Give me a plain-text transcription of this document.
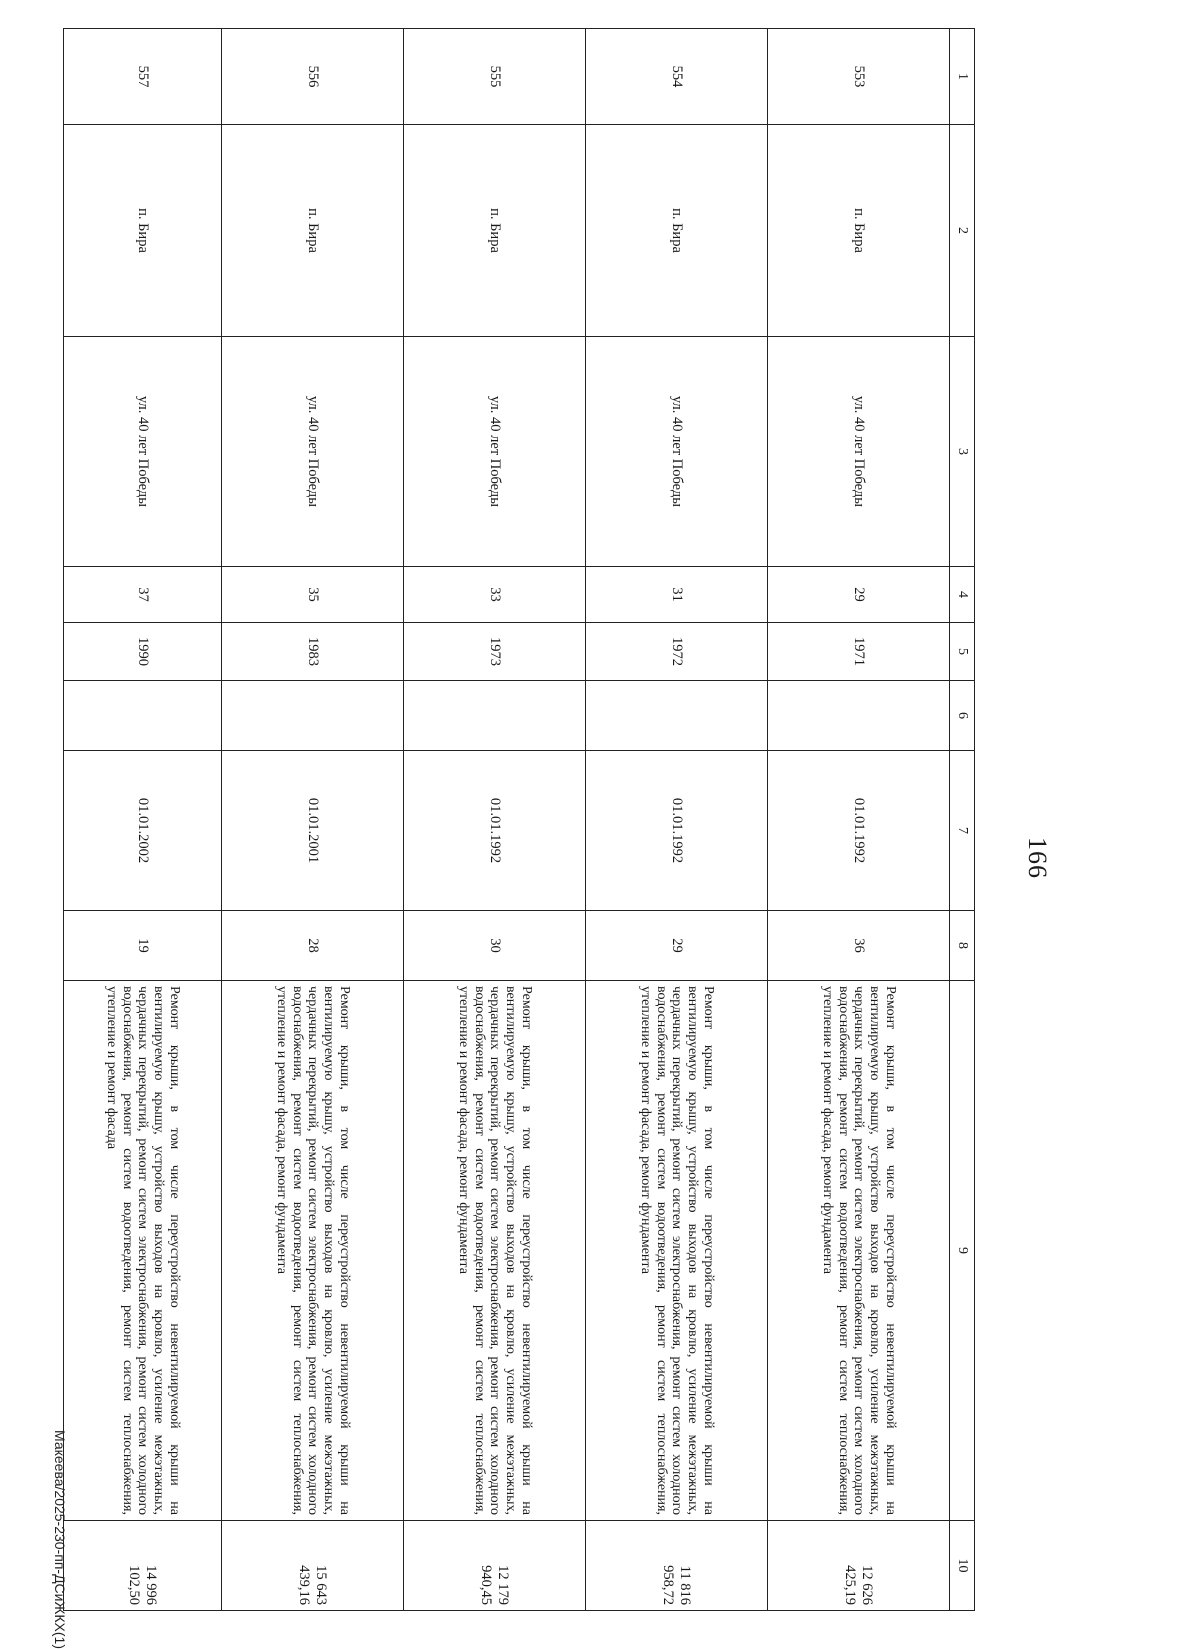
166
1	2	3	4	5	6	7	8	9	10
553	п. Бира	ул. 40 лет Победы	29	1971		01.01.1992	36	Ремонт крыши, в том числе переустройство невентилируемой крыши на вентилируемую крышу, устройство выходов на кровлю, усиление межэтажных, чердачных перекрытий, ремонт систем электроснабжения, ремонт систем холодного водоснабжения, ремонт систем водоотведения, ремонт систем теплоснабжения, утепление и ремонт фасада, ремонт фундамента	12 626 425,19
554	п. Бира	ул. 40 лет Победы	31	1972		01.01.1992	29	Ремонт крыши, в том числе переустройство невентилируемой крыши на вентилируемую крышу, устройство выходов на кровлю, усиление межэтажных, чердачных перекрытий, ремонт систем электроснабжения, ремонт систем холодного водоснабжения, ремонт систем водоотведения, ремонт систем теплоснабжения, утепление и ремонт фасада, ремонт фундамента	11 816 958,72
555	п. Бира	ул. 40 лет Победы	33	1973		01.01.1992	30	Ремонт крыши, в том числе переустройство невентилируемой крыши на вентилируемую крышу, устройство выходов на кровлю, усиление межэтажных, чердачных перекрытий, ремонт систем электроснабжения, ремонт систем холодного водоснабжения, ремонт систем водоотведения, ремонт систем теплоснабжения, утепление и ремонт фасада, ремонт фундамента	12 179 940,45
556	п. Бира	ул. 40 лет Победы	35	1983		01.01.2001	28	Ремонт крыши, в том числе переустройство невентилируемой крыши на вентилируемую крышу, устройство выходов на кровлю, усиление межэтажных, чердачных перекрытий, ремонт систем электроснабжения, ремонт систем холодного водоснабжения, ремонт систем водоотведения, ремонт систем теплоснабжения, утепление и ремонт фасада, ремонт фундамента	15 643 439,16
557	п. Бира	ул. 40 лет Победы	37	1990		01.01.2002	19	Ремонт крыши, в том числе переустройство невентилируемой крыши на вентилируемую крышу, устройство выходов на кровлю, усиление межэтажных, чердачных перекрытий, ремонт систем электроснабжения, ремонт систем холодного водоснабжения, ремонт систем водоотведения, ремонт систем теплоснабжения, утепление и ремонт фасада	14 996 102,50
Макеева/2025-230-пп-ДСиЖКХ(1)
